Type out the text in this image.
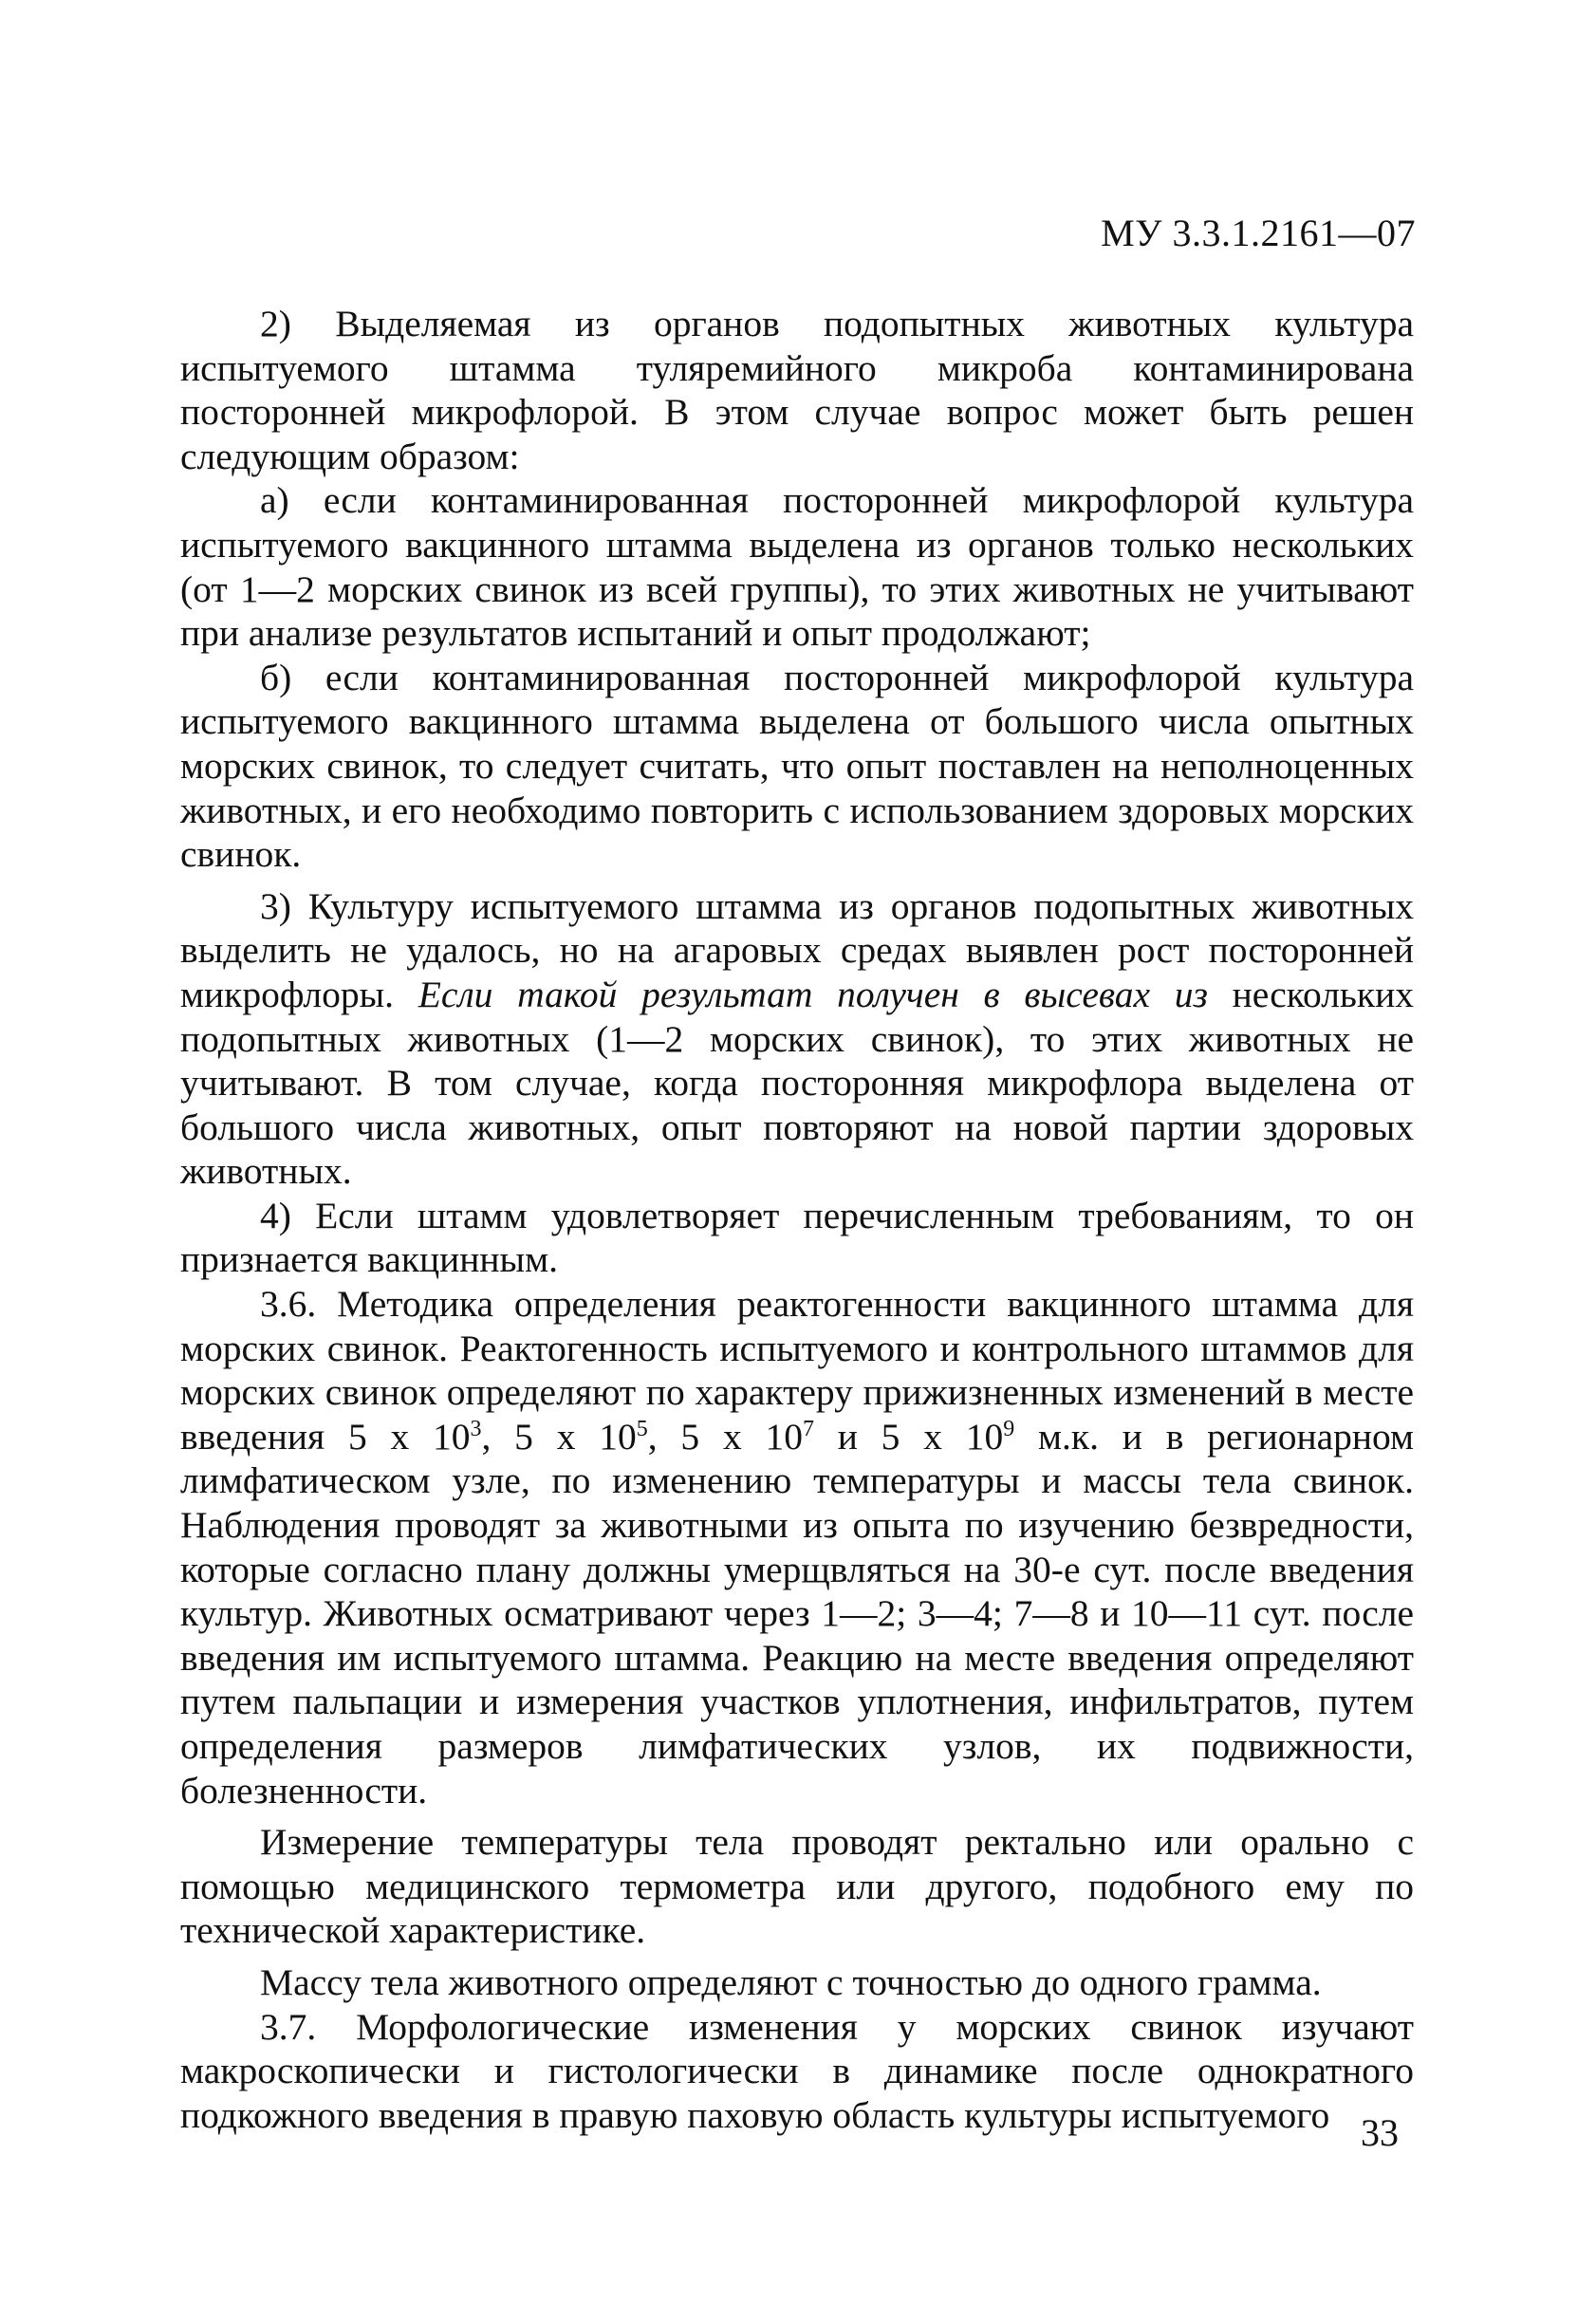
МУ 3.3.1.2161—07

2) Выделяемая из органов подопытных животных культура испытуемого штамма туляремийного микроба контаминирована посторонней микрофлорой. В этом случае вопрос может быть решен следующим образом:

а) если контаминированная посторонней микрофлорой культура испытуемого вакцинного штамма выделена из органов только нескольких (от 1—2 морских свинок из всей группы), то этих животных не учитывают при анализе результатов испытаний и опыт продолжают;

б) если контаминированная посторонней микрофлорой культура испытуемого вакцинного штамма выделена от большого числа опытных морских свинок, то следует считать, что опыт поставлен на неполноценных животных, и его необходимо повторить с использованием здоровых морских свинок.

3) Культуру испытуемого штамма из органов подопытных животных выделить не удалось, но на агаровых средах выявлен рост посторонней микрофлоры. Если такой результат получен в высевах из нескольких подопытных животных (1—2 морских свинок), то этих животных не учитывают. В том случае, когда посторонняя микрофлора выделена от большого числа животных, опыт повторяют на новой партии здоровых животных.

4) Если штамм удовлетворяет перечисленным требованиям, то он признается вакцинным.

3.6. Методика определения реактогенности вакцинного штамма для морских свинок. Реактогенность испытуемого и контрольного штаммов для морских свинок определяют по характеру прижизненных изменений в месте введения 5 х $10^3$, 5 х $10^5$, 5 х $10^7$ и 5 х $10^9$ м.к. и в регионарном лимфатическом узле, по изменению температуры и массы тела свинок. Наблюдения проводят за животными из опыта по изучению безвредности, которые согласно плану должны умерщвляться на 30-е сут. после введения культур. Животных осматривают через 1—2; 3—4; 7—8 и 10—11 сут. после введения им испытуемого штамма. Реакцию на месте введения определяют путем пальпации и измерения участков уплотнения, инфильтратов, путем определения размеров лимфатических узлов, их подвижности, болезненности.

Измерение температуры тела проводят ректально или орально с помощью медицинского термометра или другого, подобного ему по технической характеристике.

Массу тела животного определяют с точностью до одного грамма.

3.7. Морфологические изменения у морских свинок изучают макроскопически и гистологически в динамике после однократного подкожного введения в правую паховую область культуры испытуемого 33
